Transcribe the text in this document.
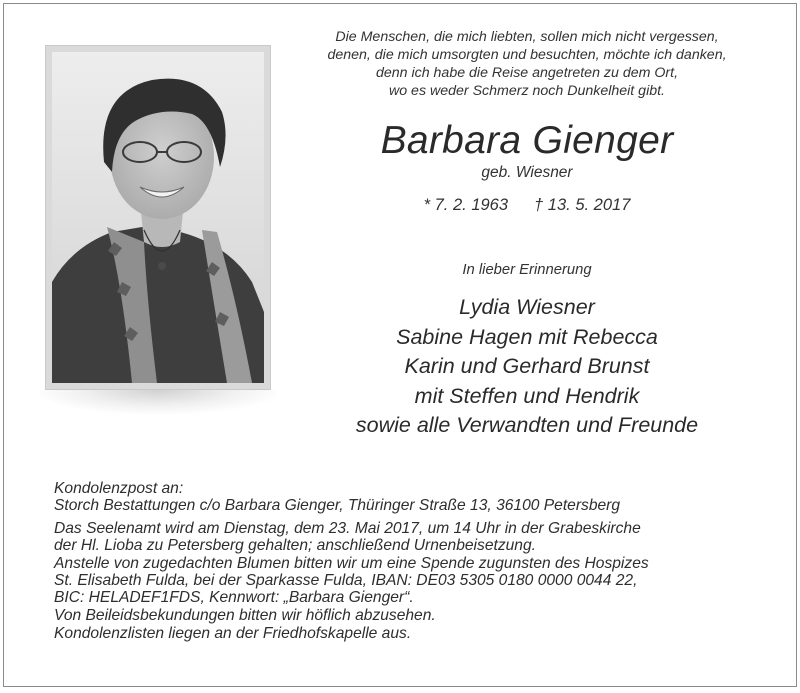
Die Menschen, die mich liebten, sollen mich nicht vergessen,
denen, die mich umsorgten und besuchten, möchte ich danken,
denn ich habe die Reise angetreten zu dem Ort,
wo es weder Schmerz noch Dunkelheit gibt.
Barbara Gienger
geb. Wiesner
* 7. 2. 1963 † 13. 5. 2017
In lieber Erinnerung
Lydia Wiesner
Sabine Hagen mit Rebecca
Karin und Gerhard Brunst
mit Steffen und Hendrik
sowie alle Verwandten und Freunde
Kondolenzpost an:
Storch Bestattungen c/o Barbara Gienger, Thüringer Straße 13, 36100 Petersberg
Das Seelenamt wird am Dienstag, dem 23. Mai 2017, um 14 Uhr in der Grabeskirche
der Hl. Lioba zu Petersberg gehalten; anschließend Urnenbeisetzung.
Anstelle von zugedachten Blumen bitten wir um eine Spende zugunsten des Hospizes
St. Elisabeth Fulda, bei der Sparkasse Fulda, IBAN: DE03 5305 0180 0000 0044 22,
BIC: HELADEF1FDS, Kennwort: „Barbara Gienger“.
Von Beileidsbekundungen bitten wir höflich abzusehen.
Kondolenzlisten liegen an der Friedhofskapelle aus.
